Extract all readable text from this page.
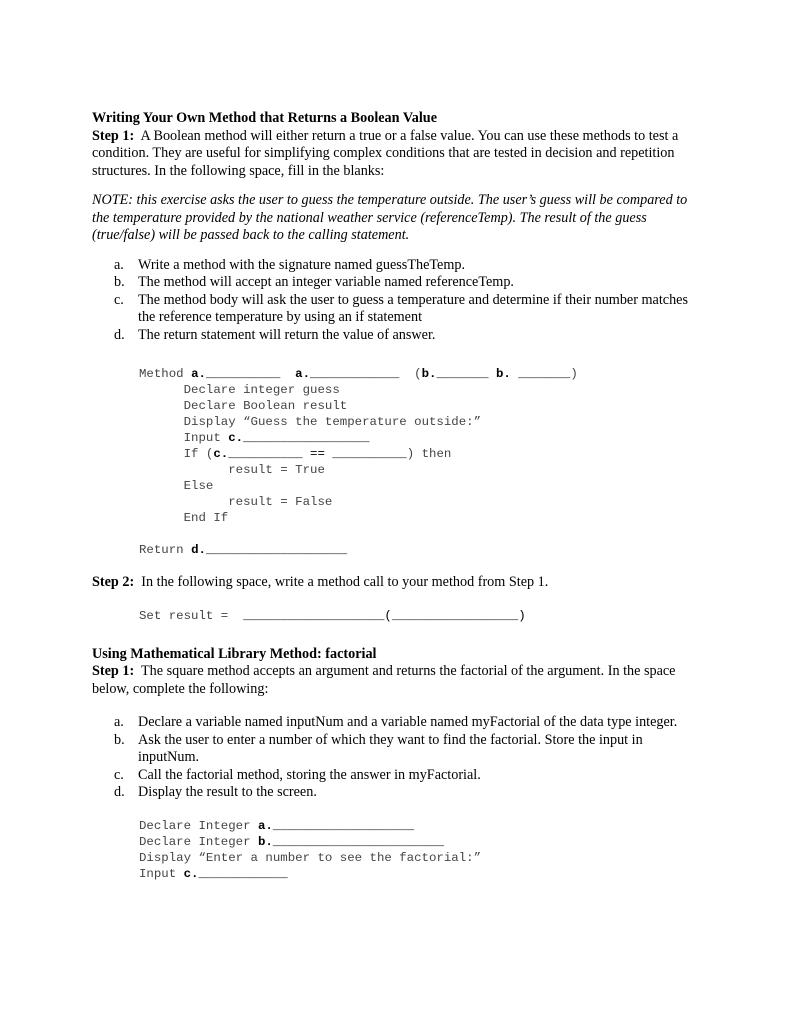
Writing Your Own Method that Returns a Boolean Value

Step 1: A Boolean method will either return a true or a false value. You can use these methods to test a condition. They are useful for simplifying complex conditions that are tested in decision and repetition structures. In the following space, fill in the blanks:

NOTE: this exercise asks the user to guess the temperature outside. The user’s guess will be compared to the temperature provided by the national weather service (referenceTemp). The result of the guess (true/false) will be passed back to the calling statement.

a. Write a method with the signature named guessTheTemp.
b. The method will accept an integer variable named referenceTemp.
c. The method body will ask the user to guess a temperature and determine if their number matches the reference temperature by using an if statement
d. The return statement will return the value of answer.
Method a.__________ a.____________ (b._______ b. _______)
Declare integer guess
Declare Boolean result
Display “Guess the temperature outside:”
Input c._________________
If (c.__________ == __________) then
result = True
Else
result = False
End If

Return d.___________________

Step 2: In the following space, write a method call to your method from Step 1.

Set result =  ___________________(_________________)

Using Mathematical Library Method: factorial

Step 1: The square method accepts an argument and returns the factorial of the argument. In the space below, complete the following:

a. Declare a variable named inputNum and a variable named myFactorial of the data type integer.
b. Ask the user to enter a number of which they want to find the factorial. Store the input in inputNum.
c. Call the factorial method, storing the answer in myFactorial.
d. Display the result to the screen.
Declare Integer a.___________________
Declare Integer b._______________________
Display “Enter a number to see the factorial:”
Input c.____________
